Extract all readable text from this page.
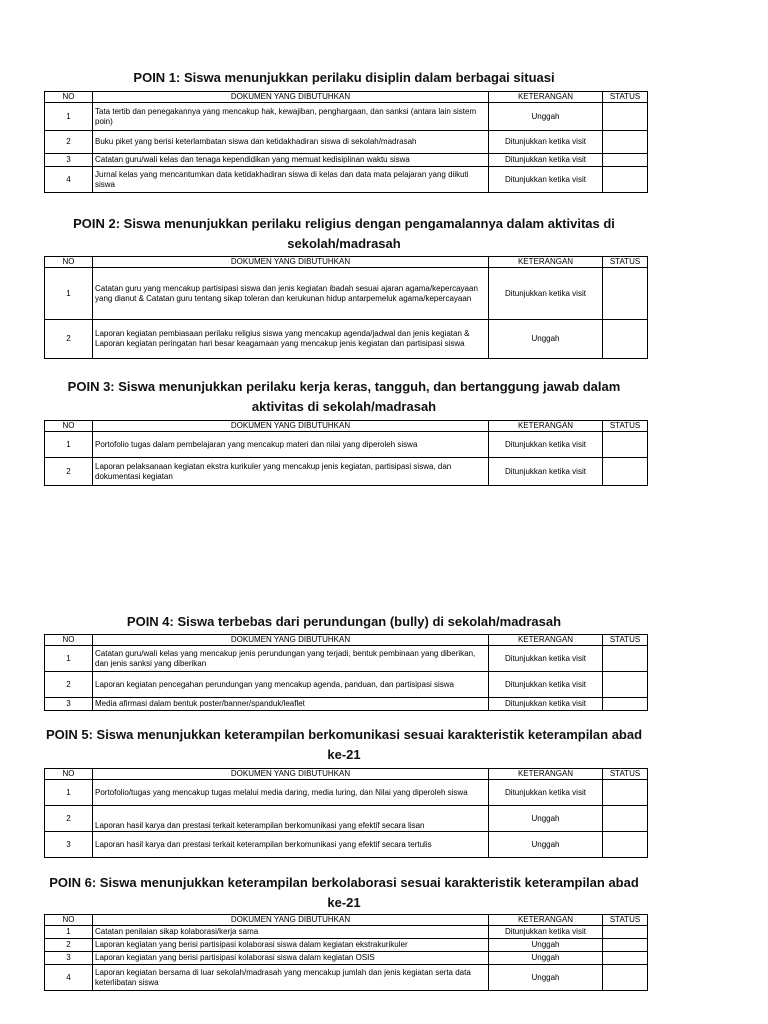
POIN 1: Siswa menunjukkan perilaku disiplin dalam berbagai situasi
NO	DOKUMEN YANG DIBUTUHKAN	KETERANGAN	STATUS
1	Tata tertib dan penegakannya yang mencakup hak, kewajiban, penghargaan, dan sanksi (antara lain sistem poin)	Unggah	
2	Buku piket yang berisi keterlambatan siswa dan ketidakhadiran siswa di sekolah/madrasah	Ditunjukkan ketika visit	
3	Catatan guru/wali kelas dan tenaga kependidikan yang memuat kedisiplinan waktu siswa	Ditunjukkan ketika visit	
4	Jurnal kelas yang mencantumkan data ketidakhadiran siswa di kelas dan data mata pelajaran yang diikuti siswa	Ditunjukkan ketika visit	
POIN 2: Siswa menunjukkan perilaku religius dengan pengamalannya dalam aktivitas di sekolah/madrasah
NO	DOKUMEN YANG DIBUTUHKAN	KETERANGAN	STATUS
1	Catatan guru yang mencakup partisipasi siswa dan jenis kegiatan ibadah sesuai ajaran agama/kepercayaan yang dianut & Catatan guru tentang sikap toleran dan kerukunan hidup antarpemeluk agama/kepercayaan	Ditunjukkan ketika visit	
2	Laporan kegiatan pembiasaan perilaku religius siswa yang mencakup agenda/jadwal dan jenis kegiatan & Laporan kegiatan peringatan hari besar keagamaan yang mencakup jenis kegiatan dan partisipasi siswa	Unggah	
POIN 3: Siswa menunjukkan perilaku kerja keras, tangguh, dan bertanggung jawab dalam aktivitas di sekolah/madrasah
NO	DOKUMEN YANG DIBUTUHKAN	KETERANGAN	STATUS
1	Portofolio tugas dalam pembelajaran yang mencakup materi dan nilai yang diperoleh siswa	Ditunjukkan ketika visit	
2	Laporan pelaksanaan kegiatan ekstra kurikuler yang mencakup jenis kegiatan, partisipasi siswa, dan dokumentasi kegiatan	Ditunjukkan ketika visit	
POIN 4: Siswa terbebas dari perundungan (bully) di sekolah/madrasah
NO	DOKUMEN YANG DIBUTUHKAN	KETERANGAN	STATUS
1	Catatan guru/wali kelas yang mencakup jenis perundungan yang terjadi, bentuk pembinaan yang diberikan, dan jenis sanksi yang diberikan	Ditunjukkan ketika visit	
2	Laporan kegiatan pencegahan perundungan yang mencakup agenda, panduan, dan partisipasi siswa	Ditunjukkan ketika visit	
3	Media afirmasi dalam bentuk poster/banner/spanduk/leaflet	Ditunjukkan ketika visit	
POIN 5: Siswa menunjukkan keterampilan berkomunikasi sesuai karakteristik keterampilan abad ke-21
NO	DOKUMEN YANG DIBUTUHKAN	KETERANGAN	STATUS
1	Portofolio/tugas yang mencakup tugas melalui media daring, media luring, dan Nilai yang diperoleh siswa	Ditunjukkan ketika visit	
2	Laporan hasil karya dan prestasi terkait keterampilan berkomunikasi yang efektif secara lisan	Unggah	
3	Laporan hasil karya dan prestasi terkait keterampilan berkomunikasi yang efektif secara tertulis	Unggah	
POIN 6: Siswa menunjukkan keterampilan berkolaborasi sesuai karakteristik keterampilan abad ke-21
NO	DOKUMEN YANG DIBUTUHKAN	KETERANGAN	STATUS
1	Catatan penilaian sikap kolaborasi/kerja sama	Ditunjukkan ketika visit	
2	Laporan kegiatan yang berisi partisipasi kolaborasi siswa dalam kegiatan ekstrakurikuler	Unggah	
3	Laporan kegiatan yang berisi partisipasi kolaborasi siswa dalam kegiatan OSIS	Unggah	
4	Laporan kegiatan bersama di luar sekolah/madrasah yang mencakup jumlah dan jenis kegiatan serta data keterlibatan siswa	Unggah	
